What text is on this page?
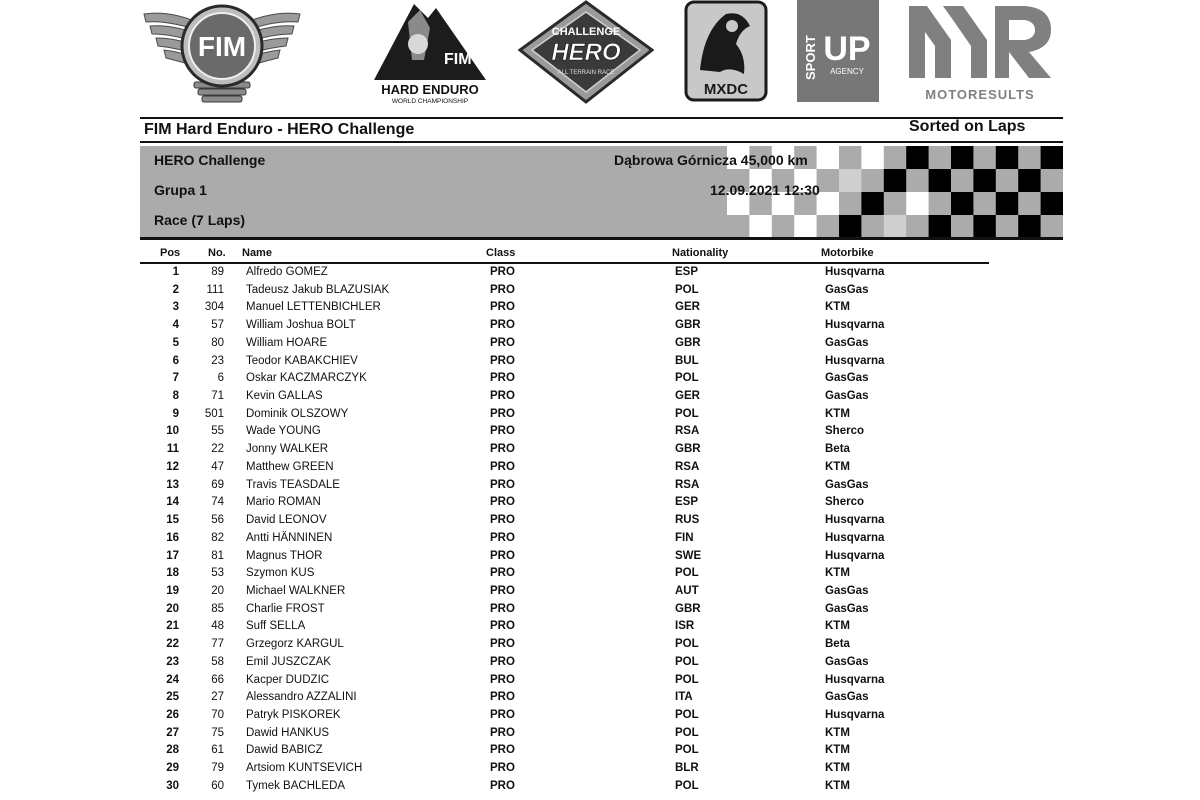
FIM	FIM
HARD ENDURO
WORLD CHAMPIONSHIP
CHALLENGE
HERO
ALL TERRAIN RACE
MXDC
SPORT UP
AGENCY
MOTORESULTS
FIM Hard Enduro - HERO Challenge	Sorted on Laps
HERO Challenge
Grupa 1
Race (7 Laps)
Dąbrowa Górnicza 45,000 km
12.09.2021 12:30
Pos	No. Name	Class	Nationality	Motorbike
1	89 Alfredo GOMEZ	PRO	ESP	Husqvarna
2	111 Tadeusz Jakub BLAZUSIAK	PRO	POL	GasGas
3	304 Manuel LETTENBICHLER	PRO	GER	KTM
4	57 William Joshua BOLT	PRO	GBR	Husqvarna
5	80 William HOARE	PRO	GBR	GasGas
6	23 Teodor KABAKCHIEV	PRO	BUL	Husqvarna
7	6 Oskar KACZMARCZYK	PRO	POL	GasGas
8	71 Kevin GALLAS	PRO	GER	GasGas
9	501 Dominik OLSZOWY	PRO	POL	KTM
10	55 Wade YOUNG	PRO	RSA	Sherco
11	22 Jonny WALKER	PRO	GBR	Beta
12	47 Matthew GREEN	PRO	RSA	KTM
13	69 Travis TEASDALE	PRO	RSA	GasGas
14	74 Mario ROMAN	PRO	ESP	Sherco
15	56 David LEONOV	PRO	RUS	Husqvarna
16	82 Antti HÄNNINEN	PRO	FIN	Husqvarna
17	81 Magnus THOR	PRO	SWE	Husqvarna
18	53 Szymon KUS	PRO	POL	KTM
19	20 Michael WALKNER	PRO	AUT	GasGas
20	85 Charlie FROST	PRO	GBR	GasGas
21	48 Suff SELLA	PRO	ISR	KTM
22	77 Grzegorz KARGUL	PRO	POL	Beta
23	58 Emil JUSZCZAK	PRO	POL	GasGas
24	66 Kacper DUDZIC	PRO	POL	Husqvarna
25	27 Alessandro AZZALINI	PRO	ITA	GasGas
26	70 Patryk PISKOREK	PRO	POL	Husqvarna
27	75 Dawid HANKUS	PRO	POL	KTM
28	61 Dawid BABICZ	PRO	POL	KTM
29	79 Artsiom KUNTSEVICH	PRO	BLR	KTM
30	60 Tymek BACHLEDA	PRO	POL	KTM
